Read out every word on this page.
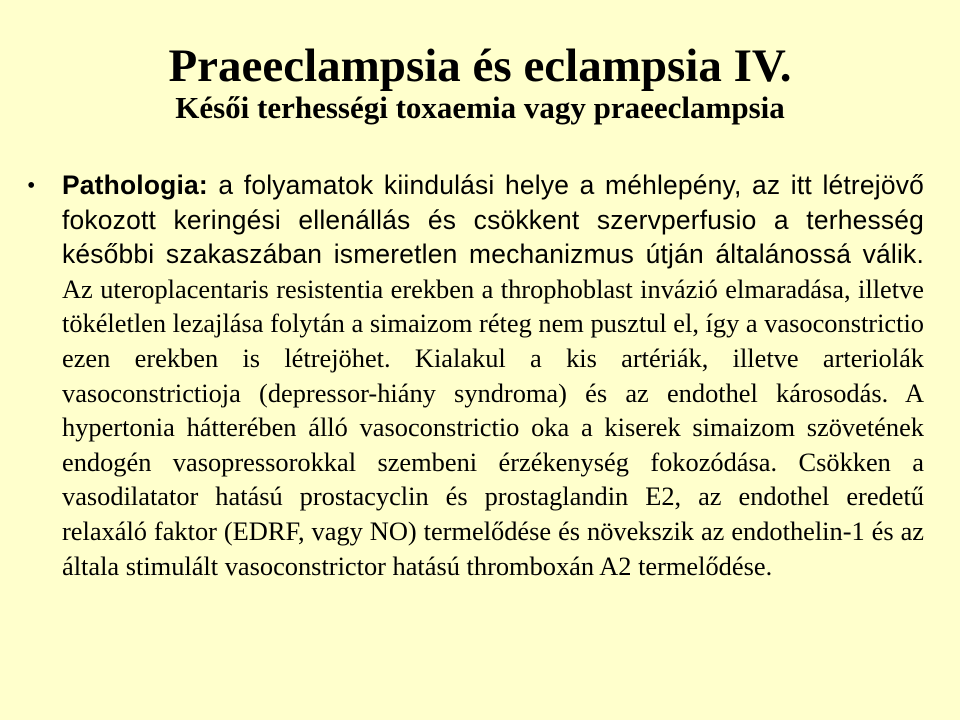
Praeeclampsia és eclampsia IV.
Késői terhességi toxaemia vagy praeeclampsia
• Pathologia: a folyamatok kiindulási helye a méhlepény, az itt létrejövő fokozott keringési ellenállás és csökkent szervperfusio a terhesség későbbi szakaszában ismeretlen mechanizmus útján általánossá válik. Az uteroplacentaris resistentia erekben a throphoblast invázió elmaradása, illetve tökéletlen lezajlása folytán a simaizom réteg nem pusztul el, így a vasoconstrictio ezen erekben is létrejöhet. Kialakul a kis artériák, illetve arteriolák vasoconstrictioja (depressor-hiány syndroma) és az endothel károsodás. A hypertonia hátterében álló vasoconstrictio oka a kiserek simaizom szövetének endogén vasopressorokkal szembeni érzékenység fokozódása. Csökken a vasodilatator hatású prostacyclin és prostaglandin E2, az endothel eredetű relaxáló faktor (EDRF, vagy NO) termelődése és növekszik az endothelin-1 és az általa stimulált vasoconstrictor hatású thromboxán A2 termelődése.
